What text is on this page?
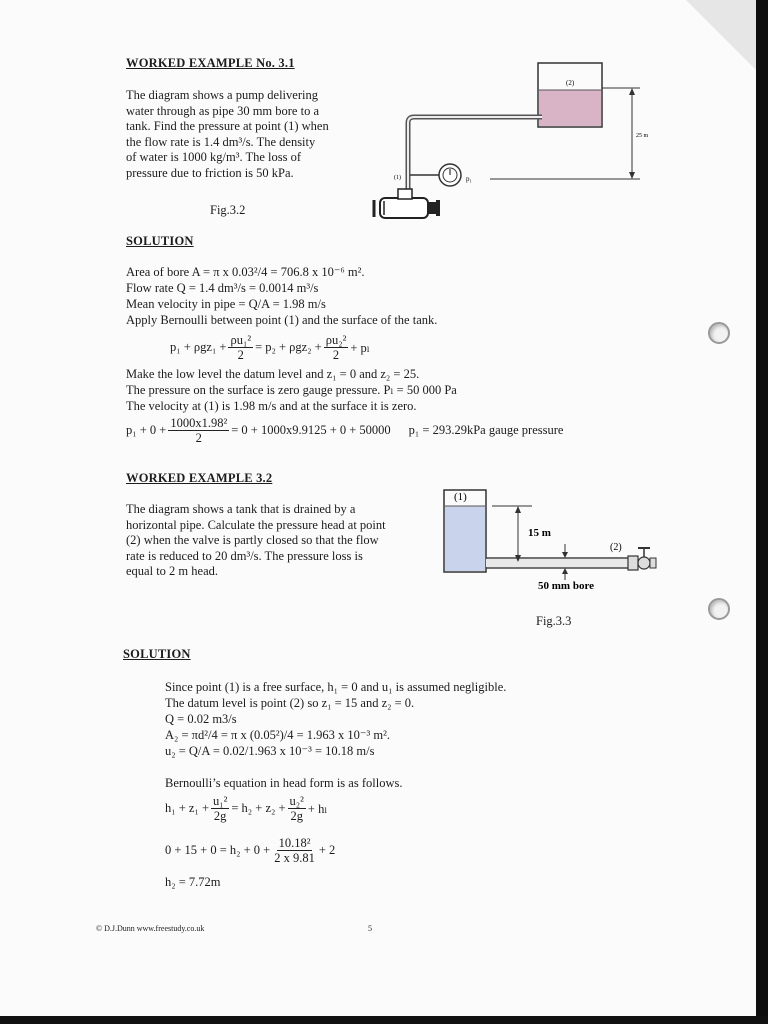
WORKED EXAMPLE No. 3.1
The diagram shows a pump delivering
water through as pipe 30 mm bore to a
tank. Find the pressure at point (1) when
the flow rate is 1.4 dm³/s. The density
of water is 1000 kg/m³. The loss of
pressure due to friction is 50 kPa.
Fig.3.2
(2)
25 m
p₁
(1)
SOLUTION
Area of bore A = π x 0.03²/4 = 706.8 x 10⁻⁶ m².
Flow rate Q = 1.4 dm³/s = 0.0014 m³/s
Mean velocity in pipe = Q/A = 1.98 m/s
Apply Bernoulli between point (1) and the surface of the tank.
$p_1 + \rho gz_1 + \frac{\text{ρu₁²}}{2} = p_2 + \rho gz_2 + \frac{\text{ρu₂²}}{2} + p_l$
Make the low level the datum level and z₁ = 0 and z₂ = 25.
The pressure on the surface is zero gauge pressure. Pₗ = 50 000 Pa
The velocity at (1) is 1.98 m/s and at the surface it is zero.
$p_1 + 0 + \frac{\text{1000x1.98²}}{2} = 0 + 1000x9.9125 + 0 + 50000$ p₁ = 293.29kPa gauge pressure
WORKED EXAMPLE 3.2
The diagram shows a tank that is drained by a
horizontal pipe. Calculate the pressure head at point
(2) when the valve is partly closed so that the flow
rate is reduced to 20 dm³/s. The pressure loss is
equal to 2 m head.
(1)
(2)
15 m
50 mm bore
Fig.3.3
SOLUTION
Since point (1) is a free surface, h₁ = 0 and u₁ is assumed negligible.
The datum level is point (2) so z₁ = 15 and z₂ = 0.
Q = 0.02 m3/s
A₂ = πd²/4 = π x (0.05²)/4 = 1.963 x 10⁻³ m².
u₂ = Q/A = 0.02/1.963 x 10⁻³ = 10.18 m/s
Bernoulli’s equation in head form is as follows.
$h_1 + z_1 + \frac{\text{u₁²}}{2g} = h_2 + z_2 + \frac{\text{u₂²}}{2g} + h_l$
$0 + 15 + 0 = h_2 + 0 + \frac{\text{10.18²}}{2 x 9.81} + 2$
h₂ = 7.72m
© D.J.Dunn www.freestudy.co.uk	5
